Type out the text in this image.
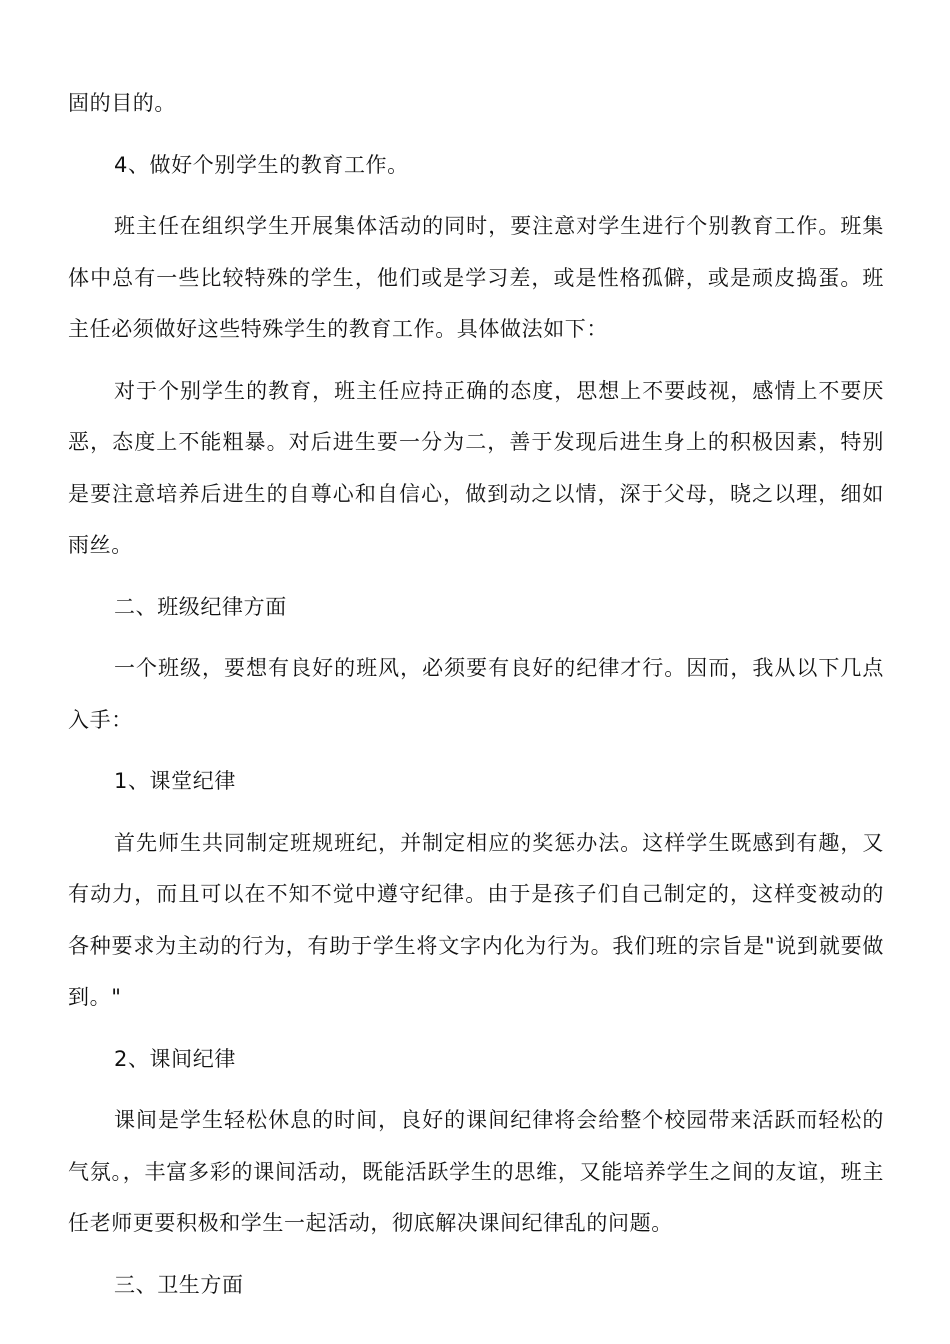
固的目的。

4、做好个别学生的教育工作。

班主任在组织学生开展集体活动的同时，要注意对学生进行个别教育工作。班集体中总有一些比较特殊的学生，他们或是学习差，或是性格孤僻，或是顽皮捣蛋。班主任必须做好这些特殊学生的教育工作。具体做法如下：

对于个别学生的教育，班主任应持正确的态度，思想上不要歧视，感情上不要厌恶，态度上不能粗暴。对后进生要一分为二，善于发现后进生身上的积极因素，特别是要注意培养后进生的自尊心和自信心，做到动之以情，深于父母，晓之以理，细如雨丝。

二、班级纪律方面

一个班级，要想有良好的班风，必须要有良好的纪律才行。因而，我从以下几点入手：

1、课堂纪律

首先师生共同制定班规班纪，并制定相应的奖惩办法。这样学生既感到有趣，又有动力，而且可以在不知不觉中遵守纪律。由于是孩子们自己制定的，这样变被动的各种要求为主动的行为，有助于学生将文字内化为行为。我们班的宗旨是"说到就要做到。"

2、课间纪律

课间是学生轻松休息的时间，良好的课间纪律将会给整个校园带来活跃而轻松的气氛。，丰富多彩的课间活动，既能活跃学生的思维，又能培养学生之间的友谊，班主任老师更要积极和学生一起活动，彻底解决课间纪律乱的问题。

三、卫生方面
